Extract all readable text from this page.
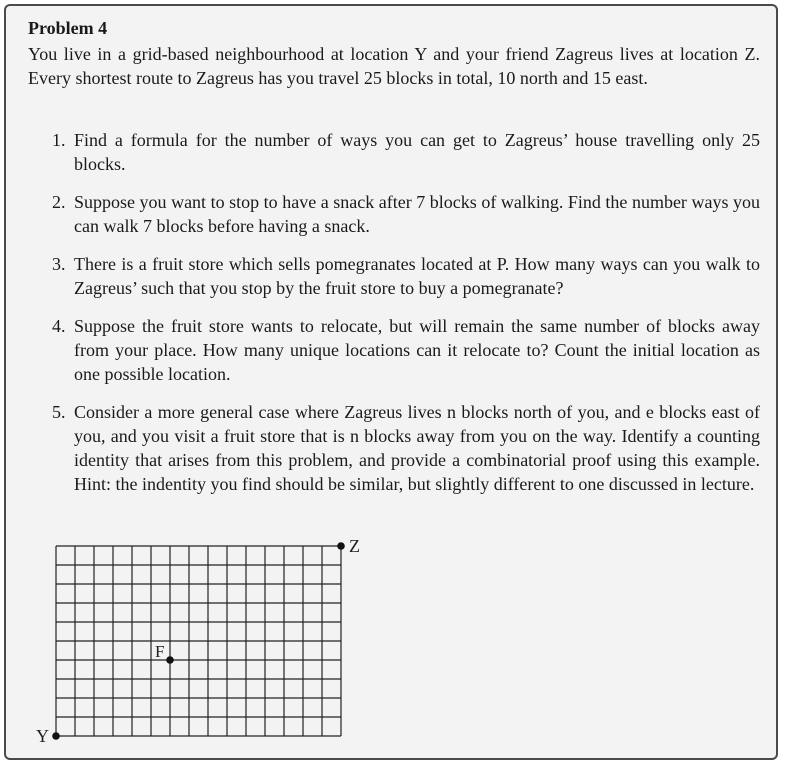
Problem 4

You live in a grid-based neighbourhood at location Y and your friend Zagreus lives at location Z. Every shortest route to Zagreus has you travel 25 blocks in total, 10 north and 15 east.

1. Find a formula for the number of ways you can get to Zagreus’ house travelling only 25 blocks.
2. Suppose you want to stop to have a snack after 7 blocks of walking. Find the number ways you can walk 7 blocks before having a snack.
3. There is a fruit store which sells pomegranates located at P. How many ways can you walk to Zagreus’ such that you stop by the fruit store to buy a pomegranate?
4. Suppose the fruit store wants to relocate, but will remain the same number of blocks away from your place. How many unique locations can it relocate to? Count the initial location as one possible location.
5. Consider a more general case where Zagreus lives n blocks north of you, and e blocks east of you, and you visit a fruit store that is n blocks away from you on the way. Identify a counting identity that arises from this problem, and provide a combinatorial proof using this example. Hint: the indentity you find should be similar, but slightly different to one discussed in lecture.
Y
Z
F
